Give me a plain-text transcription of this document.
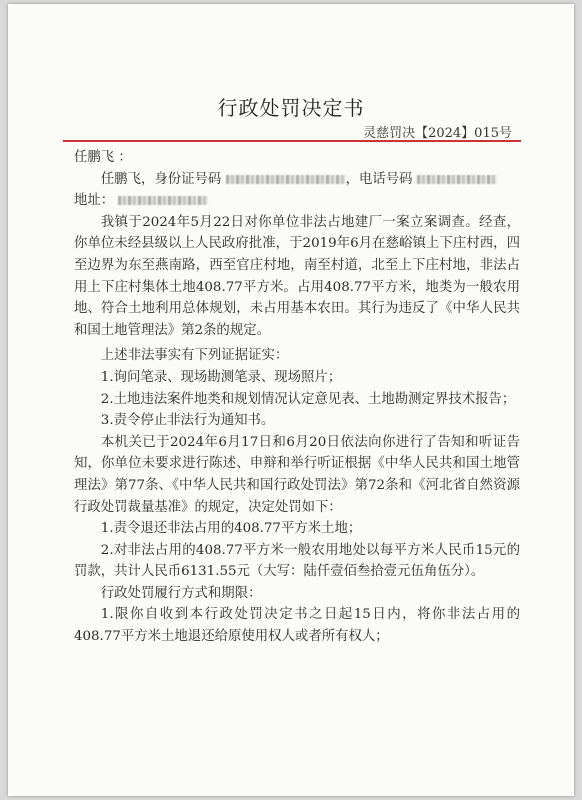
行政处罚决定书
灵慈罚决【2024】015号

任鹏飞 ：

任鹏飞，身份证号码	，电话号码

地址：

我镇于2024年5月22日对你单位非法占地建厂一案立案调查。经查，你单位未经县级以上人民政府批准，于2019年6月在慈峪镇上下庄村西，四至边界为东至燕南路，西至官庄村地，南至村道，北至上下庄村地，非法占用上下庄村集体土地408.77平方米。占用408.77平方米，地类为一般农用地、符合土地利用总体规划，未占用基本农田。其行为违反了《中华人民共和国土地管理法》第2条的规定。

上述非法事实有下列证据证实：

1.询问笔录、现场勘测笔录、现场照片；

2.土地违法案件地类和规划情况认定意见表、土地勘测定界技术报告；

3.责令停止非法行为通知书。

本机关已于2024年6月17日和6月20日依法向你进行了告知和听证告知，你单位未要求进行陈述、申辩和举行听证根据《中华人民共和国土地管理法》第77条、《中华人民共和国行政处罚法》第72条和《河北省自然资源行政处罚裁量基准》的规定，决定处罚如下：

1.责令退还非法占用的408.77平方米土地；

2.对非法占用的408.77平方米一般农用地处以每平方米人民币15元的罚款，共计人民币6131.55元（大写：陆仟壹佰叁拾壹元伍角伍分）。

行政处罚履行方式和期限：

1.限你自收到本行政处罚决定书之日起15日内，将你非法占用的408.77平方米土地退还给原使用权人或者所有权人；
